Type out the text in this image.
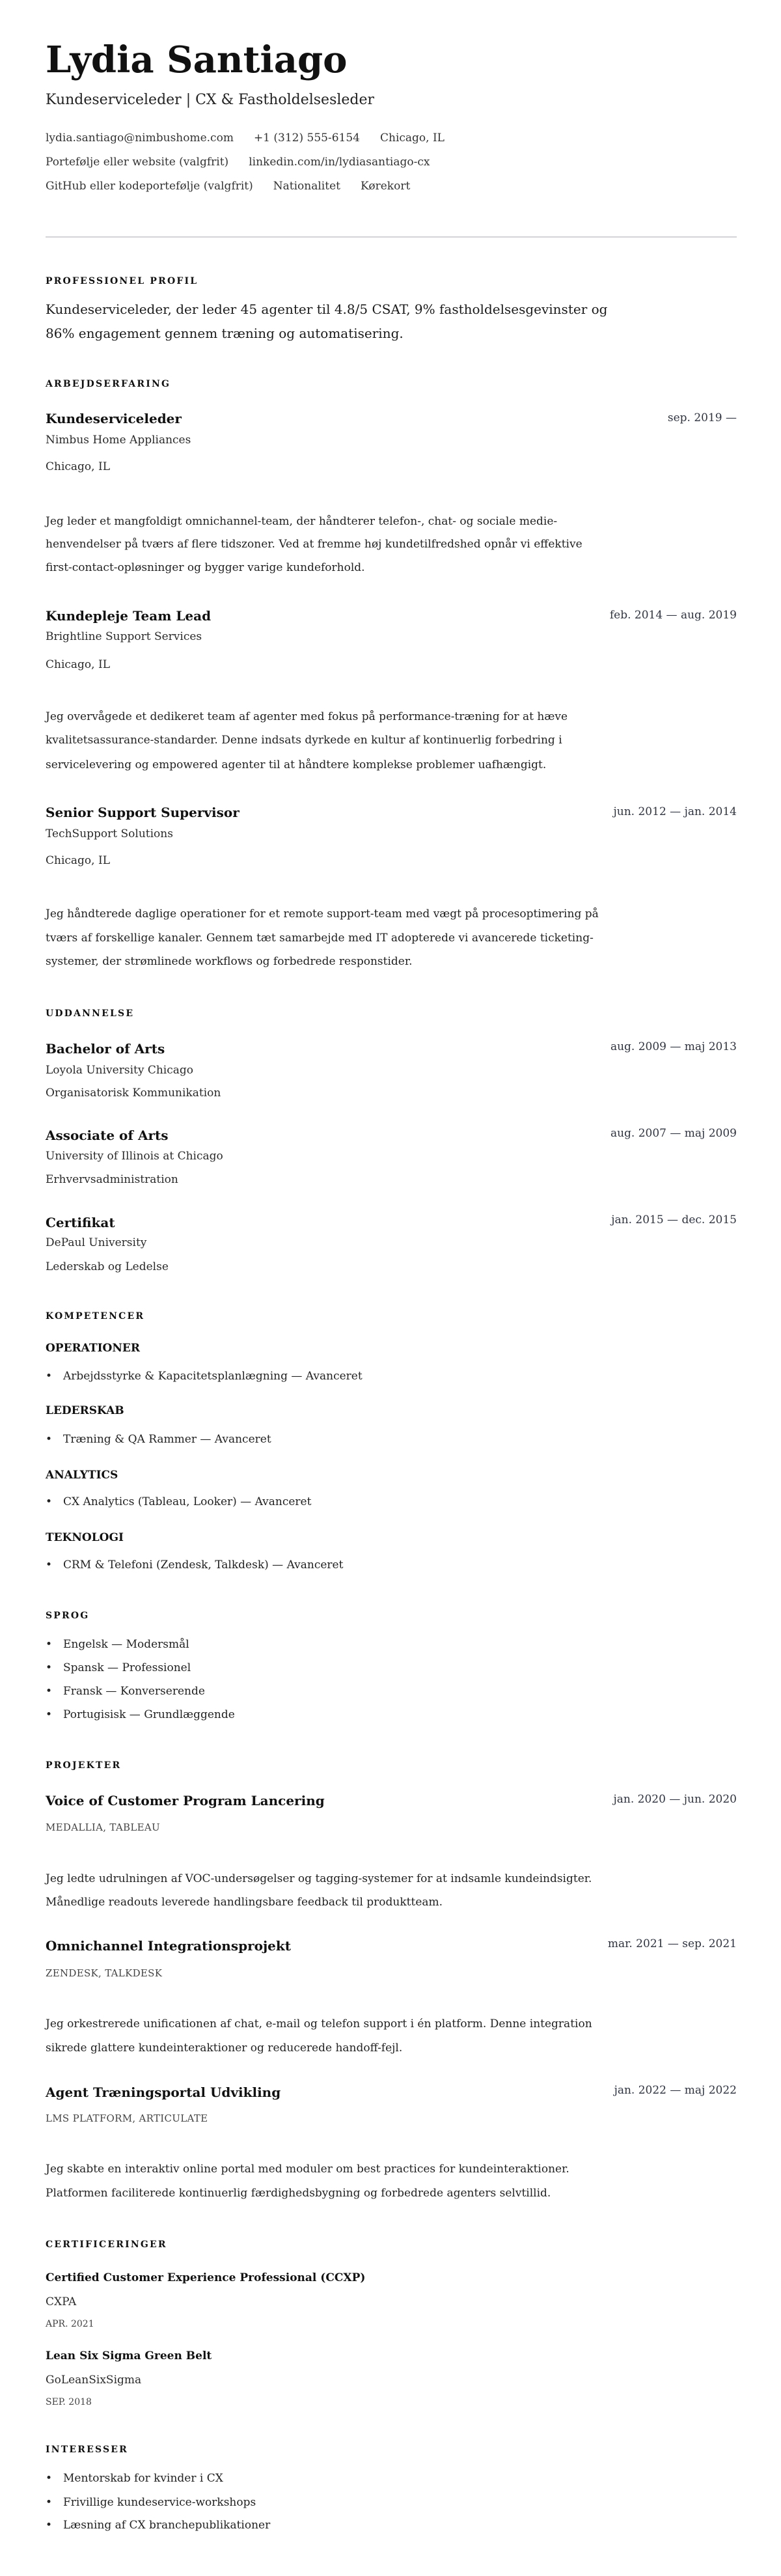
Lydia Santiago
Kundeserviceleder | CX & Fastholdelsesleder
lydia.santiago@nimbushome.com +1 (312) 555-6154 Chicago, IL
Portefølje eller website (valgfrit) linkedin.com/in/lydiasantiago-cx
GitHub eller kodeportefølje (valgfrit) Nationalitet Kørekort
PROFESSIONEL PROFIL
Kundeserviceleder, der leder 45 agenter til 4.8/5 CSAT, 9% fastholdelsesgevinster og
86% engagement gennem træning og automatisering.
ARBEJDSERFARING
Kundeserviceleder	sep. 2019 —
Nimbus Home Appliances
Chicago, IL
Jeg leder et mangfoldigt omnichannel-team, der håndterer telefon-, chat- og sociale medie-
henvendelser på tværs af flere tidszoner. Ved at fremme høj kundetilfredshed opnår vi effektive
first-contact-opløsninger og bygger varige kundeforhold.
Kundepleje Team Lead	feb. 2014 — aug. 2019
Brightline Support Services
Chicago, IL
Jeg overvågede et dedikeret team af agenter med fokus på performance-træning for at hæve
kvalitetsassurance-standarder. Denne indsats dyrkede en kultur af kontinuerlig forbedring i
servicelevering og empowered agenter til at håndtere komplekse problemer uafhængigt.
Senior Support Supervisor	jun. 2012 — jan. 2014
TechSupport Solutions
Chicago, IL
Jeg håndterede daglige operationer for et remote support-team med vægt på procesoptimering på
tværs af forskellige kanaler. Gennem tæt samarbejde med IT adopterede vi avancerede ticketing-
systemer, der strømlinede workflows og forbedrede responstider.
UDDANNELSE
Bachelor of Arts	aug. 2009 — maj 2013
Loyola University Chicago
Organisatorisk Kommunikation
Associate of Arts	aug. 2007 — maj 2009
University of Illinois at Chicago
Erhvervsadministration
Certifikat	jan. 2015 — dec. 2015
DePaul University
Lederskab og Ledelse
KOMPETENCER
OPERATIONER
• Arbejdsstyrke & Kapacitetsplanlægning — Avanceret
LEDERSKAB
• Træning & QA Rammer — Avanceret
ANALYTICS
• CX Analytics (Tableau, Looker) — Avanceret
TEKNOLOGI
• CRM & Telefoni (Zendesk, Talkdesk) — Avanceret
SPROG
• Engelsk — Modersmål
• Spansk — Professionel
• Fransk — Konverserende
• Portugisisk — Grundlæggende
PROJEKTER
Voice of Customer Program Lancering	jan. 2020 — jun. 2020
MEDALLIA, TABLEAU
Jeg ledte udrulningen af VOC-undersøgelser og tagging-systemer for at indsamle kundeindsigter.
Månedlige readouts leverede handlingsbare feedback til produktteam.
Omnichannel Integrationsprojekt	mar. 2021 — sep. 2021
ZENDESK, TALKDESK
Jeg orkestrerede unificationen af chat, e-mail og telefon support i én platform. Denne integration
sikrede glattere kundeinteraktioner og reducerede handoff-fejl.
Agent Træningsportal Udvikling	jan. 2022 — maj 2022
LMS PLATFORM, ARTICULATE
Jeg skabte en interaktiv online portal med moduler om best practices for kundeinteraktioner.
Platformen faciliterede kontinuerlig færdighedsbygning og forbedrede agenters selvtillid.
CERTIFICERINGER
Certified Customer Experience Professional (CCXP)
CXPA
APR. 2021
Lean Six Sigma Green Belt
GoLeanSixSigma
SEP. 2018
INTERESSER
• Mentorskab for kvinder i CX
• Frivillige kundeservice-workshops
• Læsning af CX branchepublikationer
